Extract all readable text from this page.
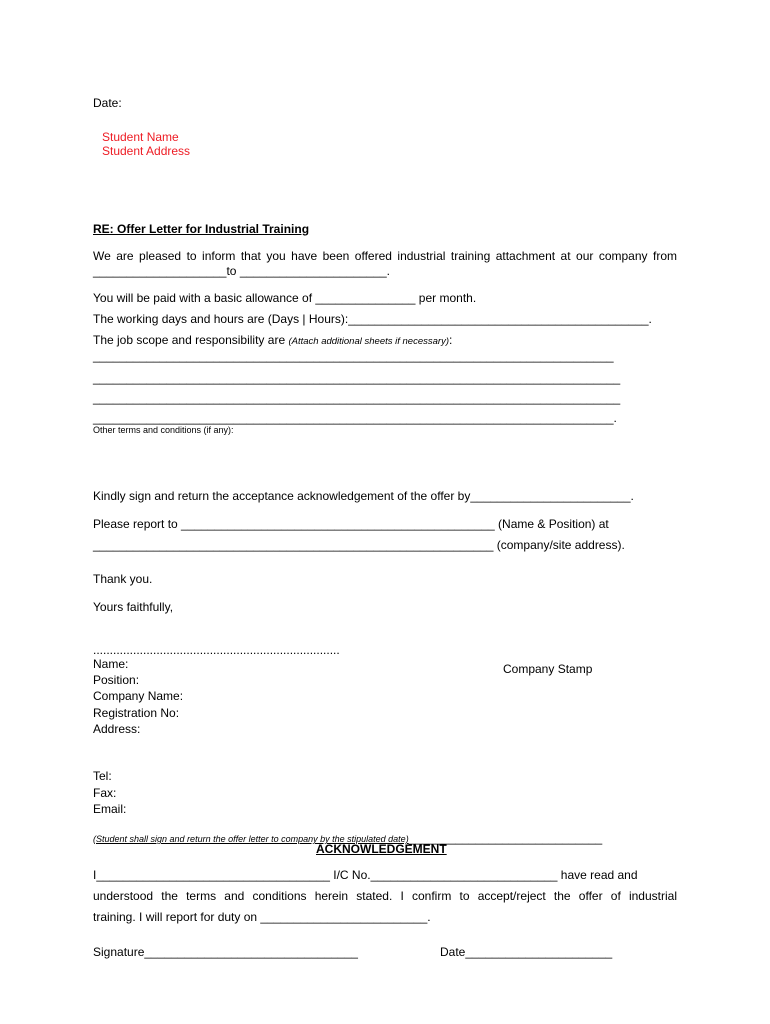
Date:
Student Name
Student Address
RE: Offer Letter for Industrial Training
We are pleased to inform that you have been offered industrial training attachment at our company from
____________________to ______________________.
You will be paid with a basic allowance of _______________ per month.
The working days and hours are (Days | Hours):_____________________________________________.
The job scope and responsibility are (Attach additional sheets if necessary):
______________________________________________________________________________
_______________________________________________________________________________
_______________________________________________________________________________
______________________________________________________________________________.
Other terms and conditions (if any):
Kindly sign and return the acceptance acknowledgement of the offer by________________________.
Please report to _______________________________________________ (Name & Position) at
____________________________________________________________ (company/site address).
Thank you.
Yours faithfully,
..........................................................................
Name:
Position:
Company Name:
Registration No:
Address:
Company Stamp
Tel:
Fax:
Email:
(Student shall sign and return the offer letter to company by the stipulated date)_____________________________
ACKNOWLEDGEMENT
I___________________________________ I/C No.____________________________ have read and
understood the terms and conditions herein stated. I confirm to accept/reject the offer of industrial
training. I will report for duty on _________________________.
Signature________________________________	Date______________________
